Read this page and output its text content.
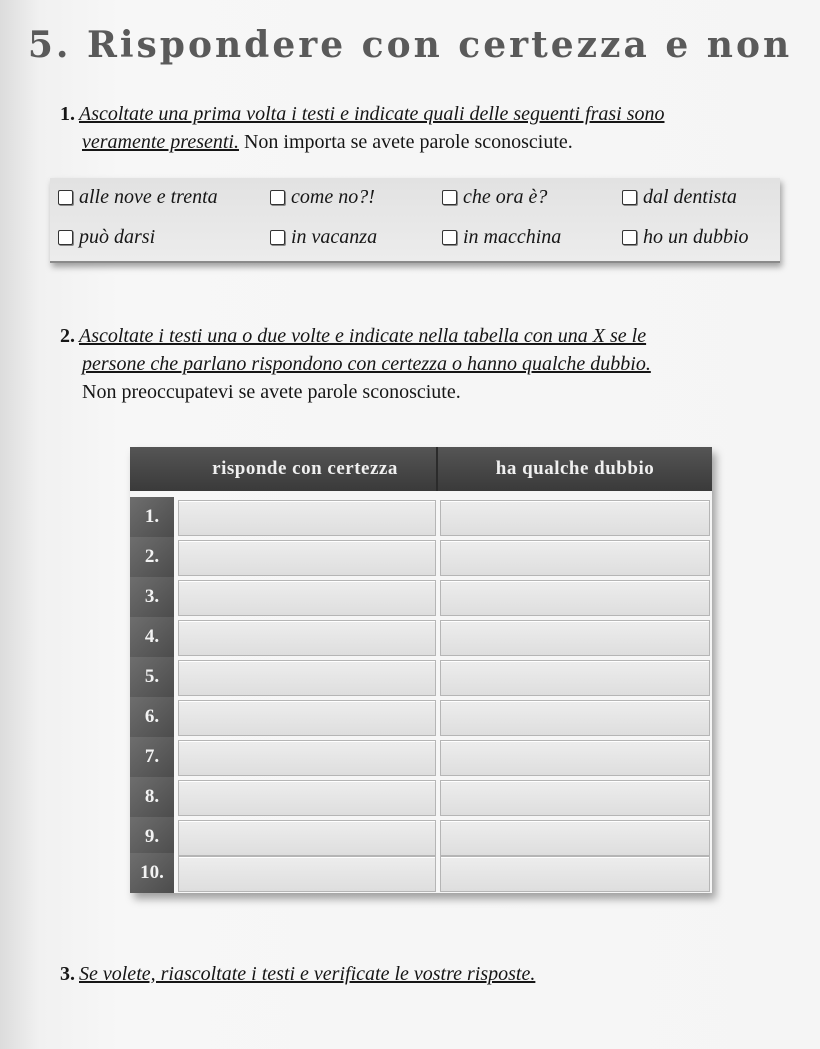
5. Rispondere con certezza e non
1. Ascoltate una prima volta i testi e indicate quali delle seguenti frasi sono
veramente presenti. Non importa se avete parole sconosciute.
alle nove e trenta	come no?!	che ora è?	dal dentista
può darsi	in vacanza	in macchina	ho un dubbio
2. Ascoltate i testi una o due volte e indicate nella tabella con una X se le
persone che parlano rispondono con certezza o hanno qualche dubbio.
Non preoccupatevi se avete parole sconosciute.
risponde con certezza	ha qualche dubbio
1.
2.
3.
4.
5.
6.
7.
8.
9.
10.
3. Se volete, riascoltate i testi e verificate le vostre risposte.
